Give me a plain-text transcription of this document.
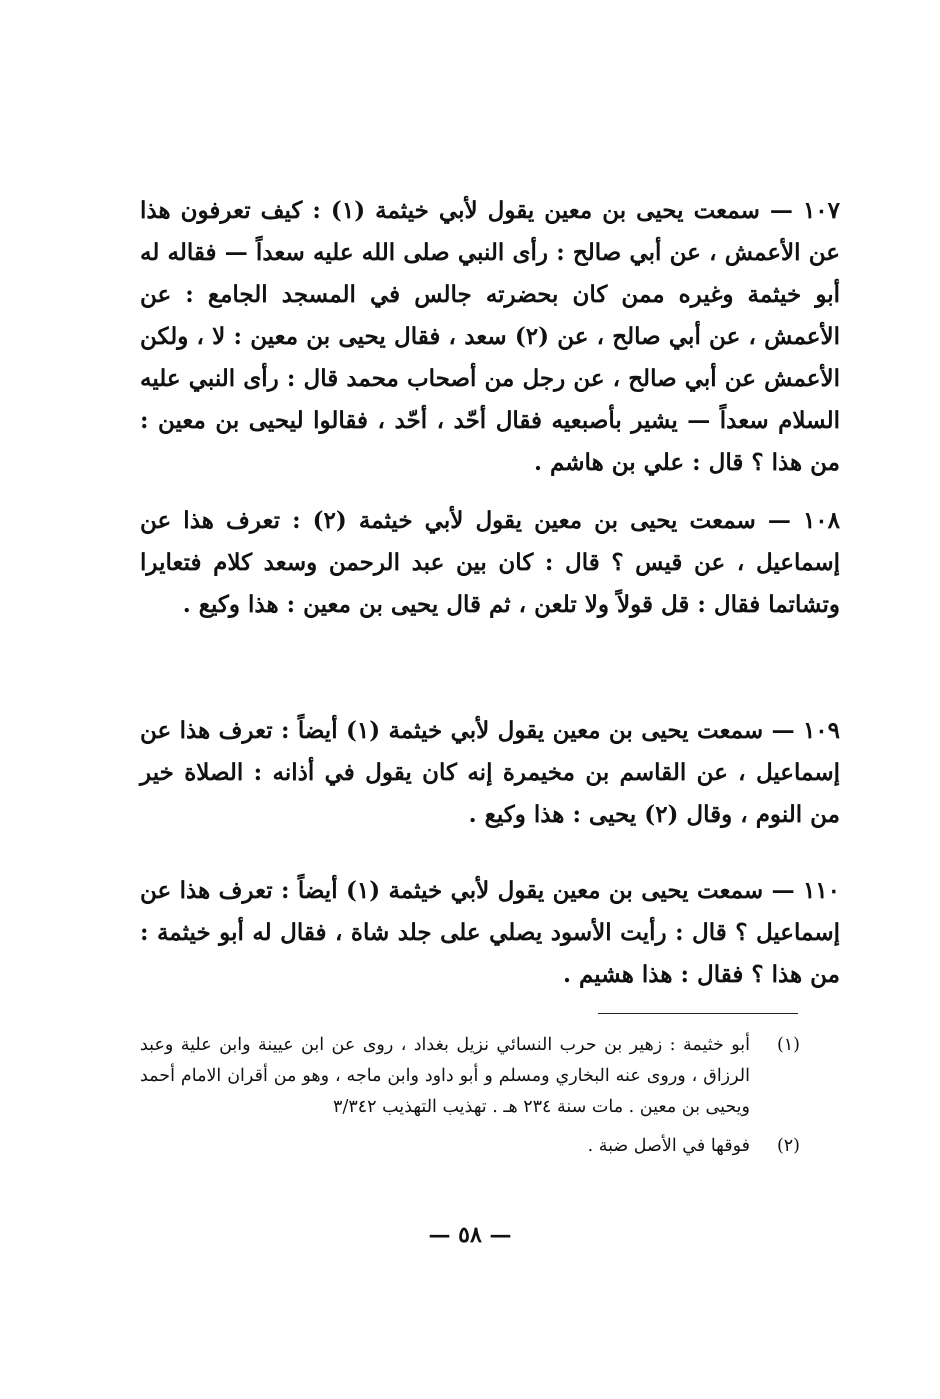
١٠٧ — سمعت يحيى بن معين يقول لأبي خيثمة (١) : كيف تعرفون هذا عن الأعمش ، عن أبي صالح : رأى النبي صلى الله عليه سعداً — فقاله له أبو خيثمة وغيره ممن كان بحضرته جالس في المسجد الجامع : عن الأعمش ، عن أبي صالح ، عن (٢) سعد ، فقال يحيى بن معين : لا ، ولكن الأعمش عن أبي صالح ، عن رجل من أصحاب محمد قال : رأى النبي عليه السلام سعداً — يشير بأصبعيه فقال أحّد ، أحّد ، فقالوا ليحيى بن معين : من هذا ؟ قال : علي بن هاشم .

١٠٨ — سمعت يحيى بن معين يقول لأبي خيثمة (٢) : تعرف هذا عن إسماعيل ، عن قيس ؟ قال : كان بين عبد الرحمن وسعد كلام فتعايرا وتشاتما فقال : قل قولاً ولا تلعن ، ثم قال يحيى بن معين : هذا وكيع .

١٠٩ — سمعت يحيى بن معين يقول لأبي خيثمة (١) أيضاً : تعرف هذا عن إسماعيل ، عن القاسم بن مخيمرة إنه كان يقول في أذانه : الصلاة خير من النوم ، وقال (٢) يحيى : هذا وكيع .

١١٠ — سمعت يحيى بن معين يقول لأبي خيثمة (١) أيضاً : تعرف هذا عن إسماعيل ؟ قال : رأيت الأسود يصلي على جلد شاة ، فقال له أبو خيثمة : من هذا ؟ فقال : هذا هشيم .

(١)
أبو خثيمة : زهير بن حرب النسائي نزيل بغداد ، روى عن ابن عيينة وابن علية وعبد الرزاق ، وروى عنه البخاري ومسلم و أبو داود وابن ماجه ، وهو من أقران الامام أحمد ويحيى بن معين . مات سنة ٢٣٤ هـ . تهذيب التهذيب ٣/٣٤٢
(٢)
فوقها في الأصل ضبة .
— ٥٨ —
